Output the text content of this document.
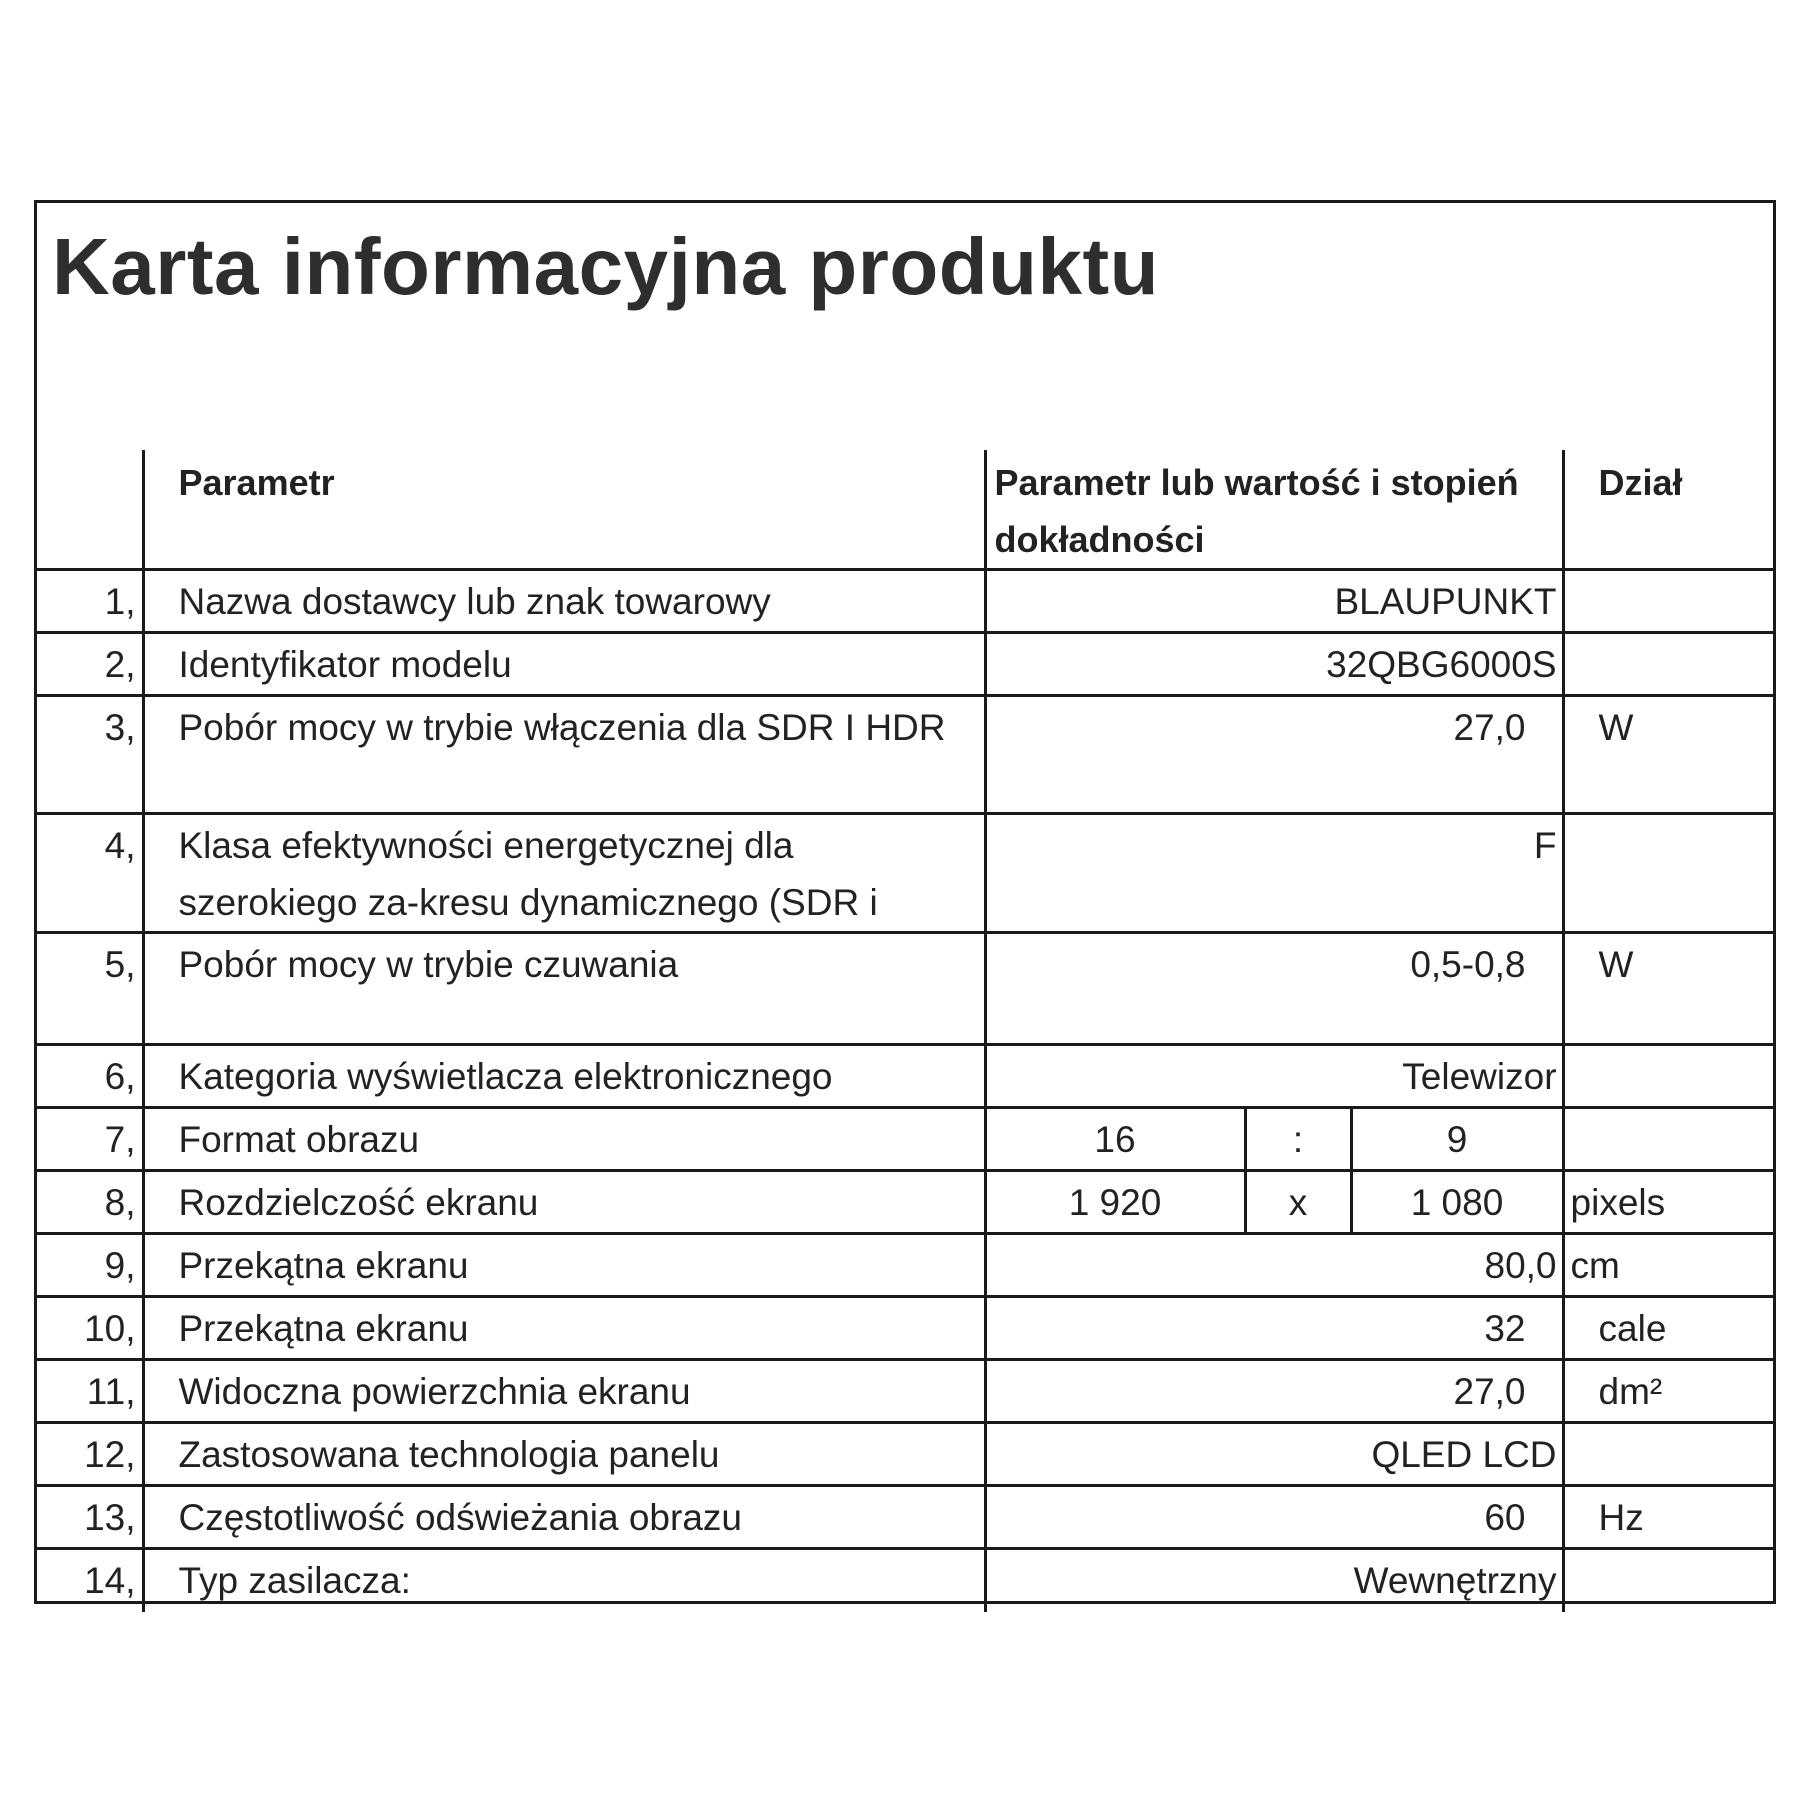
Karta informacyjna produktu
	Parametr	Parametr lub wartość i stopień dokładności			Dział
1,	Nazwa dostawcy lub znak towarowy	BLAUPUNKT			
2,	Identyfikator modelu	32QBG6000S			
3,	Pobór mocy w trybie włączenia dla SDR I HDR	27,0			W
4,	Klasa efektywności energetycznej dla szerokiego za-kresu dynamicznego (SDR i	F			
5,	Pobór mocy w trybie czuwania	0,5-0,8			W
6,	Kategoria wyświetlacza elektronicznego	Telewizor			
7,	Format obrazu	16	:	9	
8,	Rozdzielczość ekranu	1 920	x	1 080	pixels
9,	Przekątna ekranu	80,0			cm
10,	Przekątna ekranu	32			cale
11,	Widoczna powierzchnia ekranu	27,0			dm²
12,	Zastosowana technologia panelu	QLED LCD			
13,	Częstotliwość odświeżania obrazu	60			Hz
14,	Typ zasilacza:	Wewnętrzny			
